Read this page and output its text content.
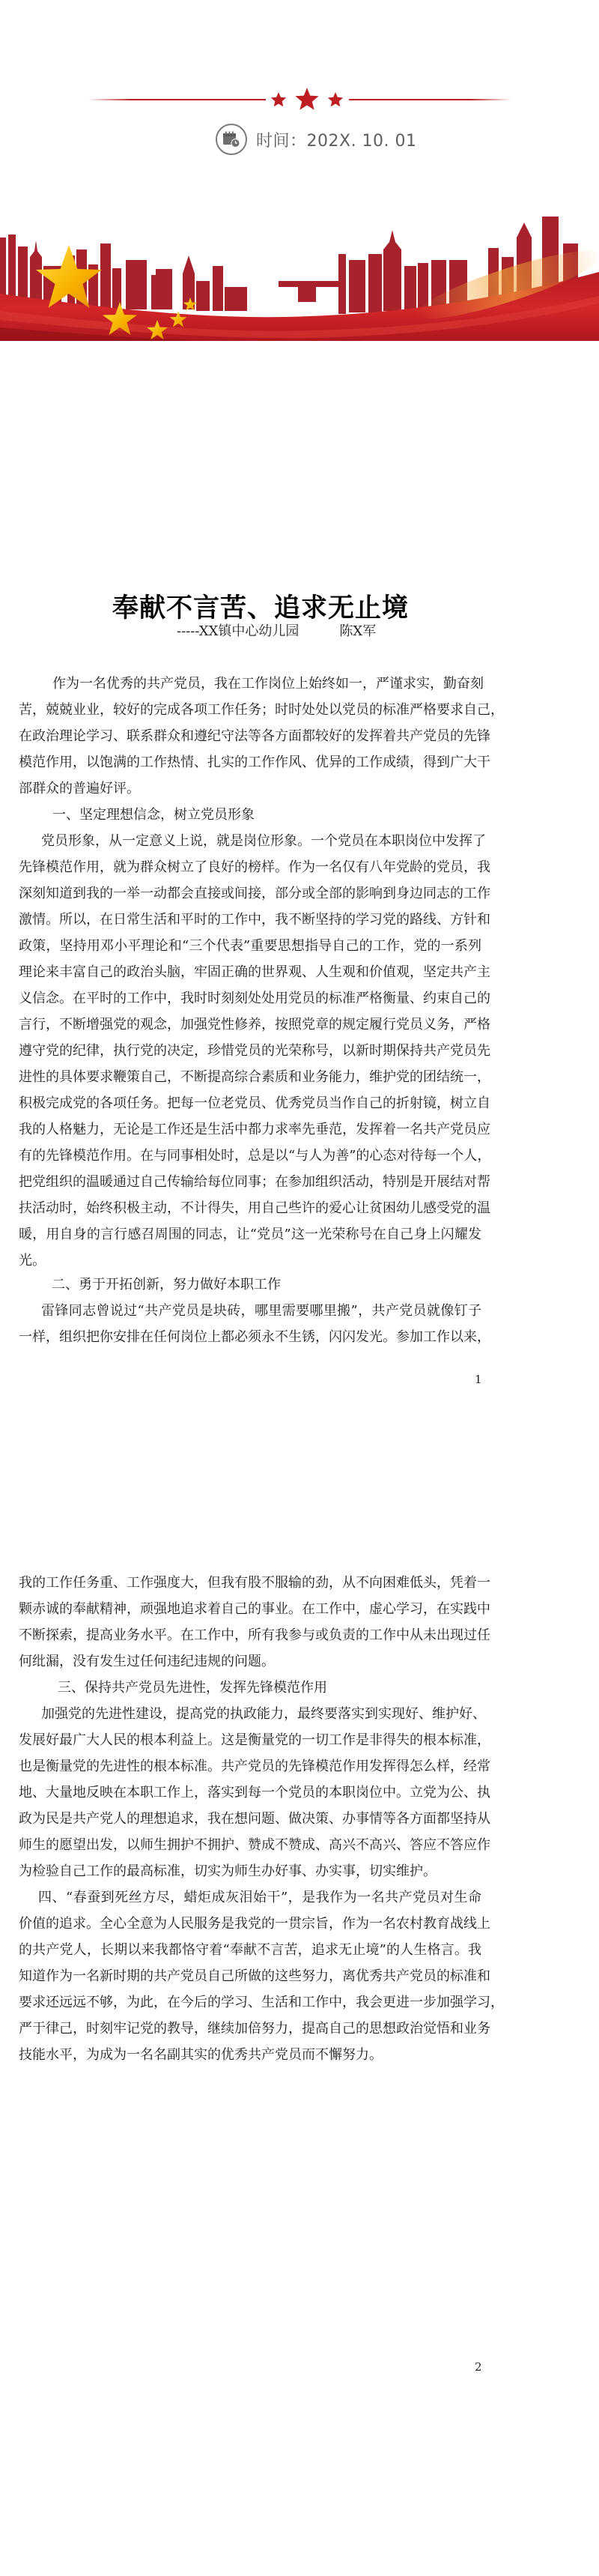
时间：202X. 10. 01
奉献不言苦、追求无止境
-----XX镇中心幼儿园　　　陈X军
作为一名优秀的共产党员，我在工作岗位上始终如一，严谨求实，勤奋刻
苦，兢兢业业，较好的完成各项工作任务；时时处处以党员的标准严格要求自己，
在政治理论学习、联系群众和遵纪守法等各方面都较好的发挥着共产党员的先锋
模范作用，以饱满的工作热情、扎实的工作作风、优异的工作成绩，得到广大干
部群众的普遍好评。
一、坚定理想信念，树立党员形象
党员形象，从一定意义上说，就是岗位形象。一个党员在本职岗位中发挥了
先锋模范作用，就为群众树立了良好的榜样。作为一名仅有八年党龄的党员，我
深刻知道到我的一举一动都会直接或间接，部分或全部的影响到身边同志的工作
激情。所以，在日常生活和平时的工作中，我不断坚持的学习党的路线、方针和
政策，坚持用邓小平理论和“三个代表”重要思想指导自己的工作，党的一系列
理论来丰富自己的政治头脑，牢固正确的世界观、人生观和价值观，坚定共产主
义信念。在平时的工作中，我时时刻刻处处用党员的标准严格衡量、约束自己的
言行，不断增强党的观念，加强党性修养，按照党章的规定履行党员义务，严格
遵守党的纪律，执行党的决定，珍惜党员的光荣称号，以新时期保持共产党员先
进性的具体要求鞭策自己，不断提高综合素质和业务能力，维护党的团结统一，
积极完成党的各项任务。把每一位老党员、优秀党员当作自己的折射镜，树立自
我的人格魅力，无论是工作还是生活中都力求率先垂范，发挥着一名共产党员应
有的先锋模范作用。在与同事相处时，总是以“与人为善”的心态对待每一个人，
把党组织的温暖通过自己传输给每位同事；在参加组织活动，特别是开展结对帮
扶活动时，始终积极主动，不计得失，用自己些许的爱心让贫困幼儿感受党的温
暖，用自身的言行感召周围的同志，让“党员”这一光荣称号在自己身上闪耀发
光。
二、勇于开拓创新，努力做好本职工作
雷锋同志曾说过“共产党员是块砖，哪里需要哪里搬”，共产党员就像钉子
一样，组织把你安排在任何岗位上都必须永不生锈，闪闪发光。参加工作以来，
1
我的工作任务重、工作强度大，但我有股不服输的劲，从不向困难低头，凭着一
颗赤诚的奉献精神，顽强地追求着自己的事业。在工作中，虚心学习，在实践中
不断探索，提高业务水平。在工作中，所有我参与或负责的工作中从未出现过任
何纰漏，没有发生过任何违纪违规的问题。
三、保持共产党员先进性，发挥先锋模范作用
加强党的先进性建设，提高党的执政能力，最终要落实到实现好、维护好、
发展好最广大人民的根本利益上。这是衡量党的一切工作是非得失的根本标准，
也是衡量党的先进性的根本标准。共产党员的先锋模范作用发挥得怎么样，经常
地、大量地反映在本职工作上，落实到每一个党员的本职岗位中。立党为公、执
政为民是共产党人的理想追求，我在想问题、做决策、办事情等各方面都坚持从
师生的愿望出发，以师生拥护不拥护、赞成不赞成、高兴不高兴、答应不答应作
为检验自己工作的最高标准，切实为师生办好事、办实事，切实维护。
四、“春蚕到死丝方尽，蜡炬成灰泪始干”，是我作为一名共产党员对生命
价值的追求。全心全意为人民服务是我党的一贯宗旨，作为一名农村教育战线上
的共产党人，长期以来我都恪守着“奉献不言苦，追求无止境”的人生格言。我
知道作为一名新时期的共产党员自己所做的这些努力，离优秀共产党员的标准和
要求还远远不够，为此，在今后的学习、生活和工作中，我会更进一步加强学习，
严于律己，时刻牢记党的教导，继续加倍努力，提高自己的思想政治觉悟和业务
技能水平，为成为一名名副其实的优秀共产党员而不懈努力。
2
